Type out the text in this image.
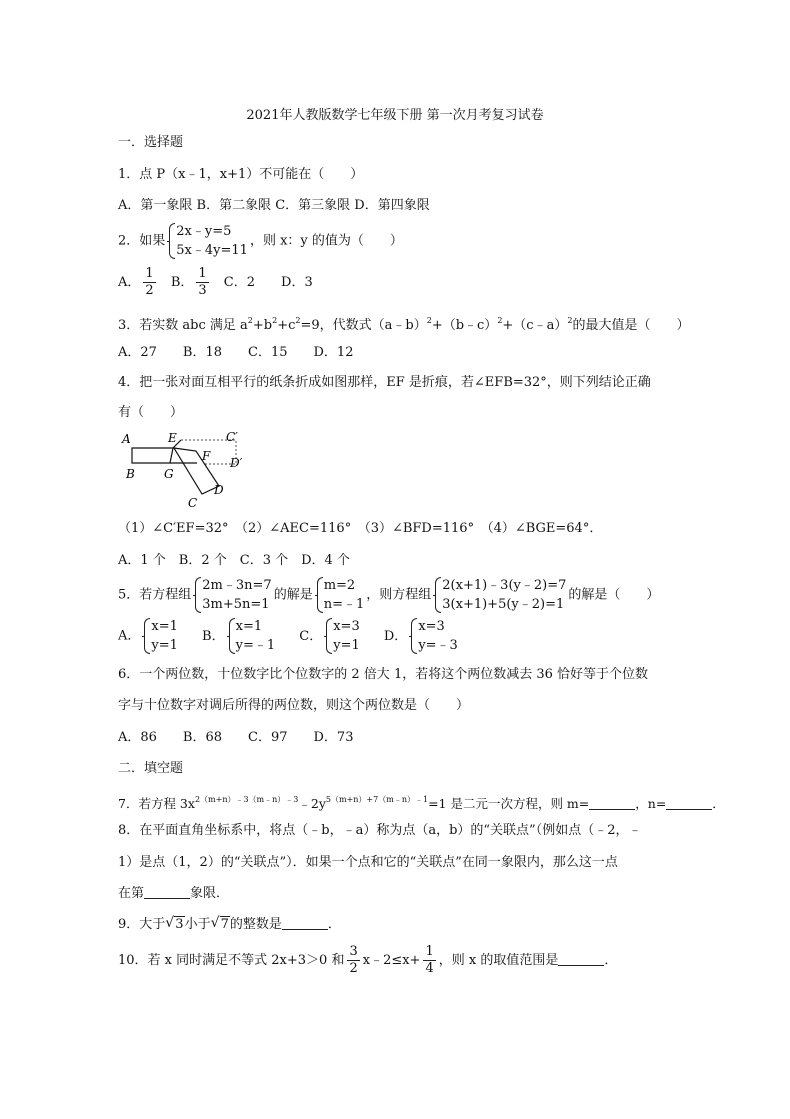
2021年人教版数学七年级下册 第一次月考复习试卷
一．选择题
1．点 P（x﹣1，x+1）不可能在（　　）
A．第一象限 B．第二象限 C．第三象限 D．第四象限
2．如果
2x﹣y=5
5x﹣4y=11
，则 x：y 的值为（　　）
A． $\frac{1}{2}$ B． $\frac{1}{3}$ C．2　　D．3
3．若实数 abc 满足 $a^2+b^2+c^2=9$，代数式（a﹣b）$^2$+（b﹣c）$^2$+（c﹣a）$^2$的最大值是（　　）
A．27　　B．18　　C．15　　D．12
4．把一张对面互相平行的纸条折成如图那样，EF 是折痕，若∠EFB=32°，则下列结论正确
有（　　）
A	E	C′
F D′
B G
D
C
（1）∠C′EF=32°　（2）∠AEC=116°　（3）∠BFD=116°　（4）∠BGE=64°．
A．1 个　B．2 个　C．3 个　D．4 个
5．若方程组
2m﹣3n=7
3m+5n=1
的解是
m=2
n=﹣1
，则方程组
2(x+1)﹣3(y﹣2)=7
3(x+1)+5(y﹣2)=1
的解是（　　）
A．
x=1
y=1
B．
x=1
y=﹣1
C．
x=3
y=1
D．
x=3
y=﹣3
6．一个两位数，十位数字比个位数字的 2 倍大 1，若将这个两位数减去 36 恰好等于个位数
字与十位数字对调后所得的两位数，则这个两位数是（　　）
A．86　　B．68　　C．97　　D．73
二．填空题
7．若方程 $3x^{2(m+n)﹣3(m﹣n)﹣3}﹣2y^{5(m+n)+7(m﹣n)﹣1}=1$ 是二元一次方程，则 m=	，n=	．
8．在平面直角坐标系中，将点（﹣b，﹣a）称为点（a，b）的“关联点”（例如点（﹣2，﹣
1）是点（1，2）的“关联点”）．如果一个点和它的“关联点”在同一象限内，那么这一点
在第	象限．
9．大于 √ 3小于 √ 7的整数是	．
10．若 x 同时满足不等式 2x+3＞0 和 $\frac{3}{2}$ x﹣2≤x+ $\frac{1}{4}$ ，则 x 的取值范围是	．
